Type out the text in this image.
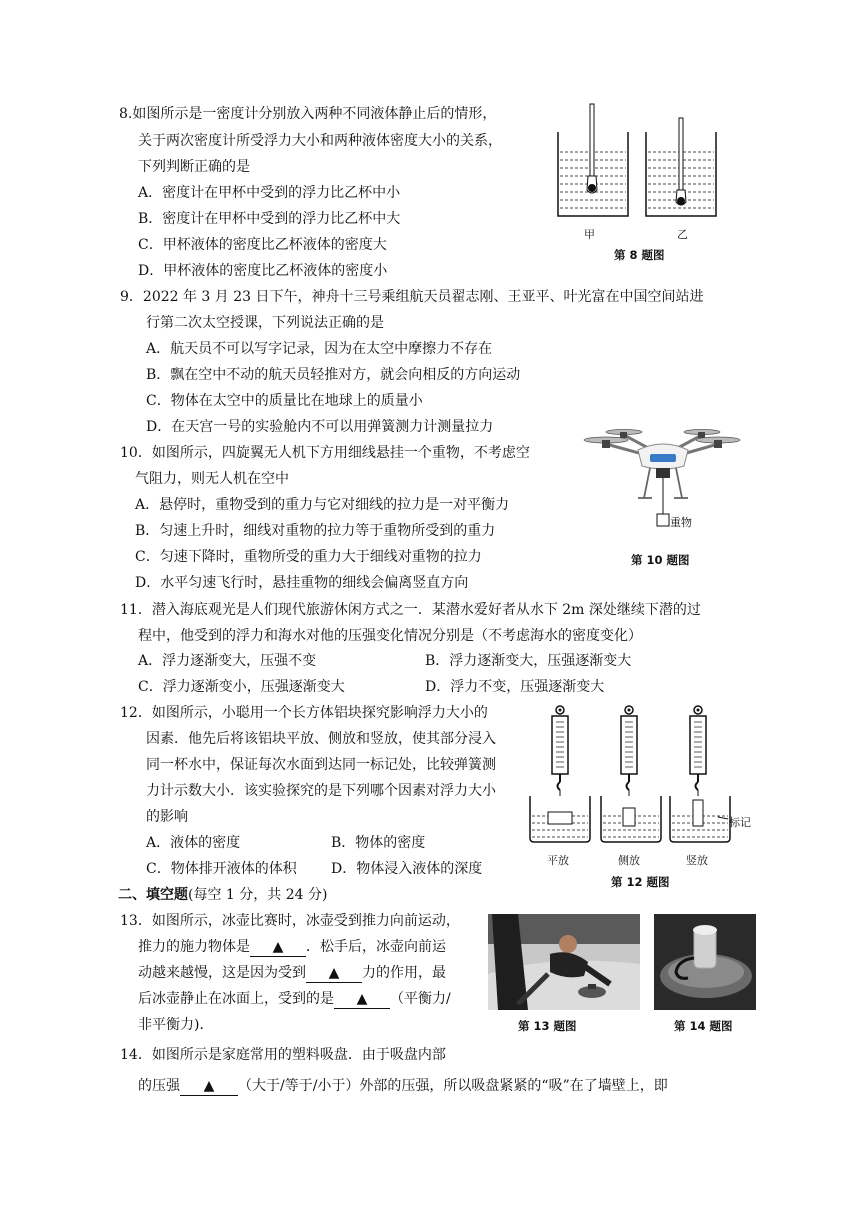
8.如图所示是一密度计分别放入两种不同液体静止后的情形，
关于两次密度计所受浮力大小和两种液体密度大小的关系，
下列判断正确的是
A．密度计在甲杯中受到的浮力比乙杯中小
B．密度计在甲杯中受到的浮力比乙杯中大
C．甲杯液体的密度比乙杯液体的密度大
D．甲杯液体的密度比乙杯液体的密度小
甲	乙
第 8 题图
9．2022 年 3 月 23 日下午，神舟十三号乘组航天员翟志刚、王亚平、叶光富在中国空间站进
行第二次太空授课，下列说法正确的是
A．航天员不可以写字记录，因为在太空中摩擦力不存在
B．飘在空中不动的航天员轻推对方，就会向相反的方向运动
C．物体在太空中的质量比在地球上的质量小
D．在天宫一号的实验舱内不可以用弹簧测力计测量拉力
10．如图所示，四旋翼无人机下方用细线悬挂一个重物，不考虑空
气阻力，则无人机在空中
A．悬停时，重物受到的重力与它对细线的拉力是一对平衡力
B．匀速上升时，细线对重物的拉力等于重物所受到的重力
C．匀速下降时，重物所受的重力大于细线对重物的拉力
D．水平匀速飞行时，悬挂重物的细线会偏离竖直方向
重物
第 10 题图
11．潜入海底观光是人们现代旅游休闲方式之一．某潜水爱好者从水下 2m 深处继续下潜的过
程中，他受到的浮力和海水对他的压强变化情况分别是（不考虑海水的密度变化）
A．浮力逐渐变大，压强不变	B．浮力逐渐变大，压强逐渐变大
C．浮力逐渐变小，压强逐渐变大	D．浮力不变，压强逐渐变大
12．如图所示，小聪用一个长方体铝块探究影响浮力大小的
因素．他先后将该铝块平放、侧放和竖放，使其部分浸入
同一杯水中，保证每次水面到达同一标记处，比较弹簧测
力计示数大小．该实验探究的是下列哪个因素对浮力大小
的影响
A．液体的密度	B．物体的密度
C．物体排开液体的体积 D．物体浸入液体的深度
标记
平放	侧放	竖放
第 12 题图
二、填空题(每空 1 分，共 24 分)
13．如图所示，冰壶比赛时，冰壶受到推力向前运动，
推力的施力物体是 ▲ ．松手后，冰壶向前运
动越来越慢，这是因为受到 ▲ 力的作用，最
后冰壶静止在冰面上，受到的是 ▲ （平衡力/
非平衡力)．	第 13 题图	第 14 题图
14．如图所示是家庭常用的塑料吸盘．由于吸盘内部
的压强 ▲ （大于/等于/小于）外部的压强，所以吸盘紧紧的“吸”在了墙壁上，即
